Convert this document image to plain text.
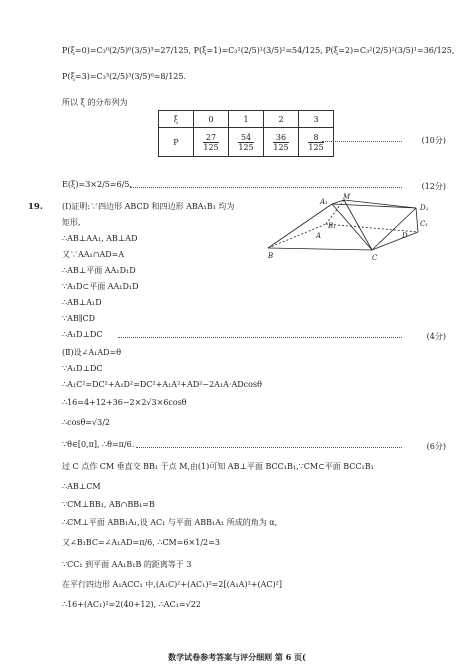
P(ξ=0)=C₃⁰(2/5)⁰(3/5)³=27/125, P(ξ=1)=C₃¹(2/5)¹(3/5)²=54/125, P(ξ=2)=C₃²(2/5)²(3/5)¹=36/125,
P(ξ=3)=C₃³(2/5)³(3/5)⁰=8/125.
所以 ξ 的分布列为
ξ	0	1	2	3
P	$\frac{27}{125}$	$\frac{54}{125}$	$\frac{36}{125}$	$\frac{8}{125}$	(10分)
E(ξ)=3×2/5=6/5.	(12分)
19. (Ⅰ)证明:∵四边形 ABCD 和四边形 ABA₁B₁ 均为
矩形,
∴AB⊥AA₁, AB⊥AD
又∵AA₁∩AD=A
A₁
M
D₁
B₁	C₁
A	D
B	C
∴AB⊥平面 AA₁D₁D
∵A₁D⊂平面 AA₁D₁D
∴AB⊥A₁D
∵AB∥CD
∴A₁D⊥DC	(4分)
(Ⅱ)设∠A₁AD=θ
∵A₁D⊥DC
∴A₁C²=DC²+A₁D²=DC²+A₁A²+AD²−2A₁A·ADcosθ
∴16=4+12+36−2×2√3×6cosθ
∴cosθ=√3/2
∵θ∈[0,π], ∴θ=π/6.	(6分)
过 C 点作 CM 垂直交 BB₁ 于点 M,由(1)可知 AB⊥平面 BCC₁B₁,∵CM⊂平面 BCC₁B₁
∴AB⊥CM
∵CM⊥BB₁, AB∩BB₁=B
∴CM⊥平面 ABB₁A₁,设 AC₁ 与平面 ABB₁A₁ 所成的角为 α,
又∠B₁BC=∠A₁AD=π/6, ∴CM=6×1/2=3
∵CC₁ 到平面 AA₁B₁B 的距离等于 3
在平行四边形 A₁ACC₁ 中,(A₁C)²+(AC₁)²=2[(A₁A)²+(AC)²]
∴16+(AC₁)²=2(40+12), ∴AC₁=√22
数学试卷参考答案与评分细则 第 6 页(
